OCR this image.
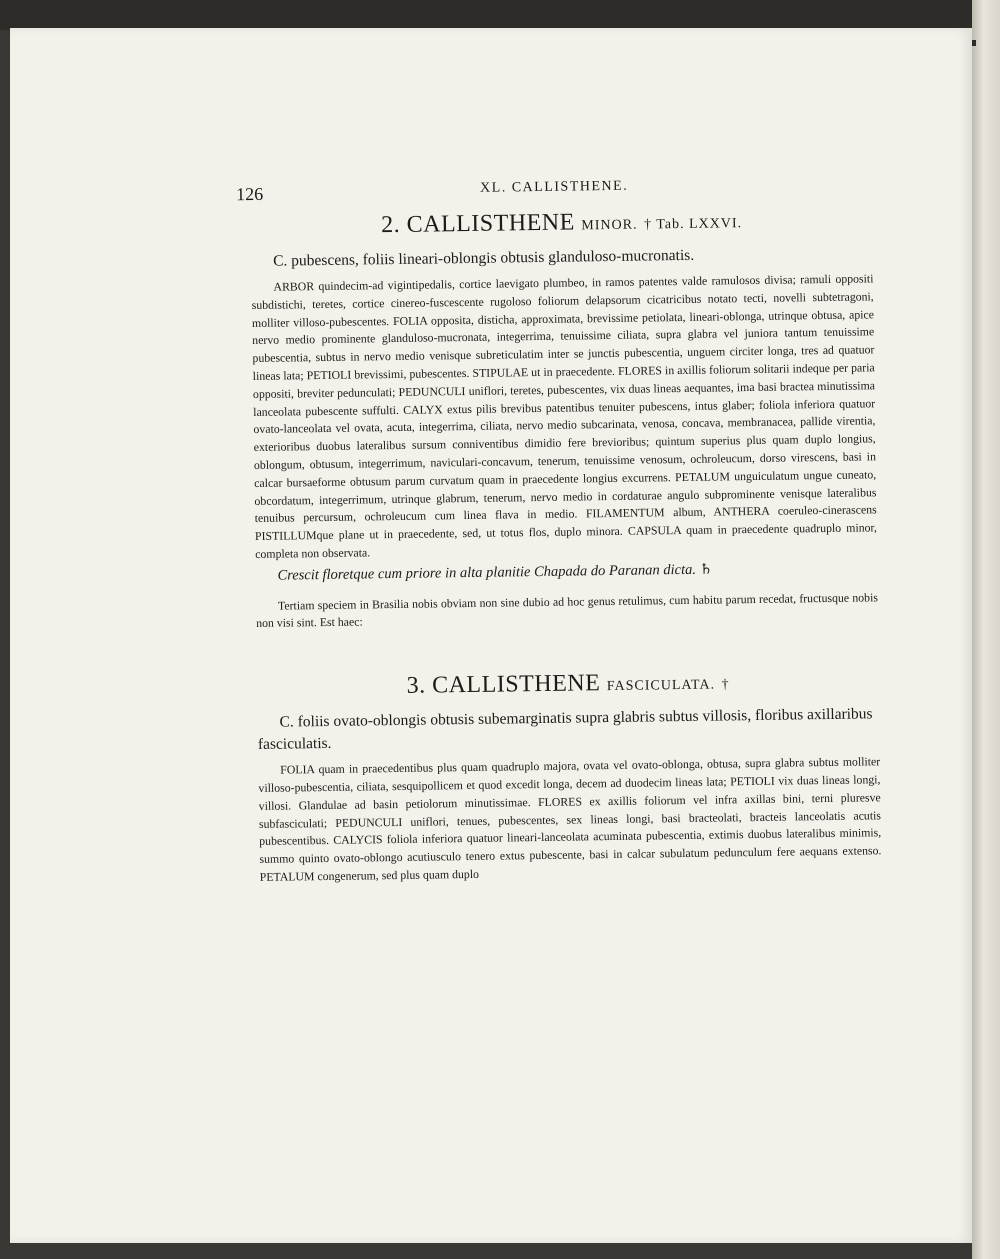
126	XL. CALLISTHENE.
2. CALLISTHENE MINOR. † Tab. LXXVI.

C. pubescens, foliis lineari-oblongis obtusis glanduloso-mucronatis.

ARBOR quindecim-ad vigintipedalis, cortice laevigato plumbeo, in ramos patentes valde ramulosos divisa; ramuli oppositi subdistichi, teretes, cortice cinereo-fuscescente rugoloso foliorum delapsorum cicatricibus notato tecti, novelli subtetragoni, molliter villoso-pubescentes. FOLIA opposita, disticha, approximata, brevissime petiolata, lineari-oblonga, utrinque obtusa, apice nervo medio prominente glanduloso-mucronata, integerrima, tenuissime ciliata, supra glabra vel juniora tantum tenuissime pubescentia, subtus in nervo medio venisque subreticulatim inter se junctis pubescentia, unguem circiter longa, tres ad quatuor lineas lata; PETIOLI brevissimi, pubescentes. STIPULAE ut in praecedente. FLORES in axillis foliorum solitarii indeque per paria oppositi, breviter pedunculati; PEDUNCULI uniflori, teretes, pubescentes, vix duas lineas aequantes, ima basi bractea minutissima lanceolata pubescente suffulti. CALYX extus pilis brevibus patentibus tenuiter pubescens, intus glaber; foliola inferiora quatuor ovato-lanceolata vel ovata, acuta, integerrima, ciliata, nervo medio subcarinata, venosa, concava, membranacea, pallide virentia, exterioribus duobus lateralibus sursum conniventibus dimidio fere brevioribus; quintum superius plus quam duplo longius, oblongum, obtusum, integerrimum, naviculari-concavum, tenerum, tenuissime venosum, ochroleucum, dorso virescens, basi in calcar bursaeforme obtusum parum curvatum quam in praecedente longius excurrens. PETALUM unguiculatum ungue cuneato, obcordatum, integerrimum, utrinque glabrum, tenerum, nervo medio in cordaturae angulo subprominente venisque lateralibus tenuibus percursum, ochroleucum cum linea flava in medio. FILAMENTUM album, ANTHERA coeruleo-cinerascens PISTILLUMque plane ut in praecedente, sed, ut totus flos, duplo minora. CAPSULA quam in praecedente quadruplo minor, completa non observata.

Crescit floretque cum priore in alta planitie Chapada do Paranan dicta. ♄

Tertiam speciem in Brasilia nobis obviam non sine dubio ad hoc genus retulimus, cum habitu parum recedat, fructusque nobis non visi sint. Est haec:

3. CALLISTHENE FASCICULATA. †

C. foliis ovato-oblongis obtusis subemarginatis supra glabris subtus villosis, floribus axillaribus fasciculatis.

FOLIA quam in praecedentibus plus quam quadruplo majora, ovata vel ovato-oblonga, obtusa, supra glabra subtus molliter villoso-pubescentia, ciliata, sesquipollicem et quod excedit longa, decem ad duodecim lineas lata; PETIOLI vix duas lineas longi, villosi. Glandulae ad basin petiolorum minutissimae. FLORES ex axillis foliorum vel infra axillas bini, terni pluresve subfasciculati; PEDUNCULI uniflori, tenues, pubescentes, sex lineas longi, basi bracteolati, bracteis lanceolatis acutis pubescentibus. CALYCIS foliola inferiora quatuor lineari-lanceolata acuminata pubescentia, extimis duobus lateralibus minimis, summo quinto ovato-oblongo acutiusculo tenero extus pubescente, basi in calcar subulatum pedunculum fere aequans extenso. PETALUM congenerum, sed plus quam duplo
